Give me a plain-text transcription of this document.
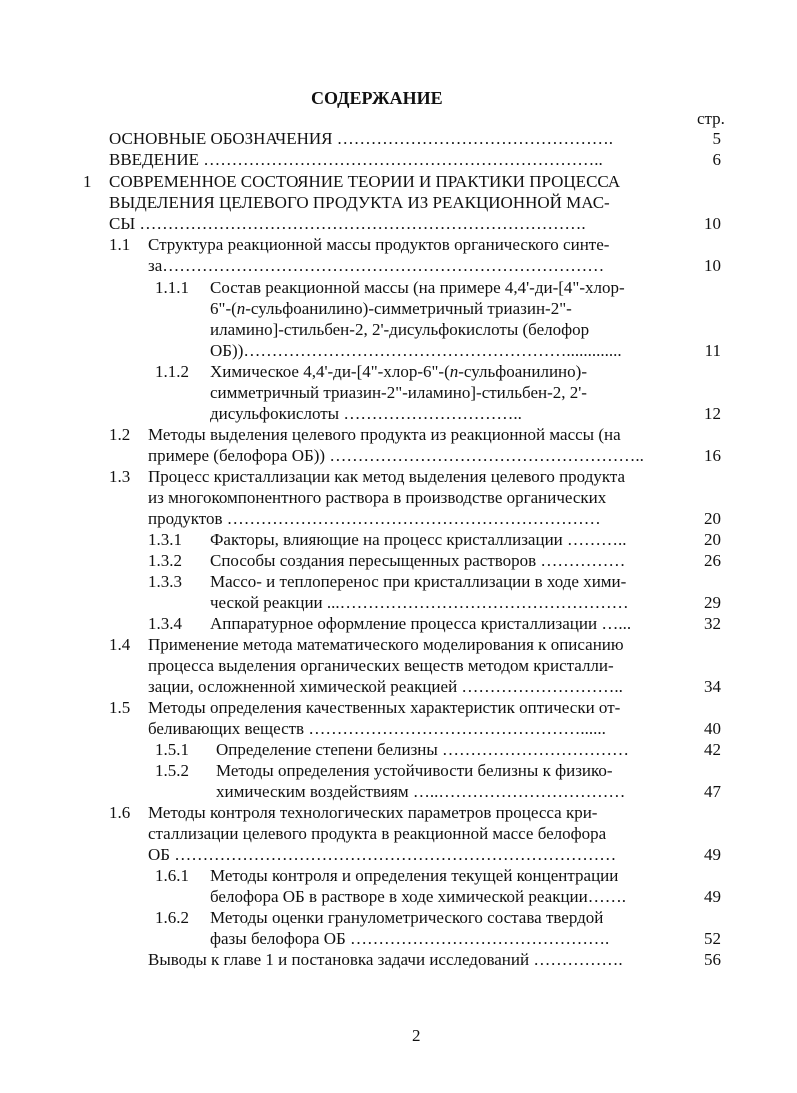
СОДЕРЖАНИЕ
стр.
ОСНОВНЫЕ ОБОЗНАЧЕНИЯ ………………………………………….	5
ВВЕДЕНИЕ ……………………………………………………………..	6
1 СОВРЕМЕННОЕ СОСТОЯНИЕ ТЕОРИИ И ПРАКТИКИ ПРОЦЕССА
ВЫДЕЛЕНИЯ ЦЕЛЕВОГО ПРОДУКТА ИЗ РЕАКЦИОННОЙ МАС-
СЫ …………………………………………………………………….	10
1.1 Структура реакционной массы продуктов органического синте-
за……………………………………………………………………	10
1.1.1 Состав реакционной массы (на примере 4,4'-ди-[4"-хлор-
6"-(n-сульфоанилино)-симметричный триазин-2"-
иламино]-стильбен-2, 2'-дисульфокислоты (белофор
ОБ))………………………………………………….............	11
1.1.2 Химическое 4,4'-ди-[4"-хлор-6"-(n-сульфоанилино)-
симметричный триазин-2"-иламино]-стильбен-2, 2'-
дисульфокислоты …………………………..	12
1.2 Методы выделения целевого продукта из реакционной массы (на
примере (белофора ОБ)) ………………………………………………..	16
1.3 Процесс кристаллизации как метод выделения целевого продукта
из многокомпонентного раствора в производстве органических
продуктов …………………………………………………………	20
1.3.1 Факторы, влияющие на процесс кристаллизации ………..	20
1.3.2 Способы создания пересыщенных растворов ……………	26
1.3.3 Массо- и теплоперенос при кристаллизации в ходе хими-
ческой реакции ...……………………………………………	29
1.3.4 Аппаратурное оформление процесса кристаллизации …...	32
1.4 Применение метода математического моделирования к описанию
процесса выделения органических веществ методом кристалли-
зации, осложненной химической реакцией ………………………..	34
1.5 Методы определения качественных характеристик оптически от-
беливающих веществ …………………………………………......	40
1.5.1 Определение степени белизны ……………………………	42
1.5.2 Методы определения устойчивости белизны к физико-
химическим воздействиям …..……………………………	47
1.6 Методы контроля технологических параметров процесса кри-
сталлизации целевого продукта в реакционной массе белофора
ОБ ……………………………………………………………………	49
1.6.1 Методы контроля и определения текущей концентрации
белофора ОБ в растворе в ходе химической реакции…….	49
1.6.2 Методы оценки гранулометрического состава твердой
фазы белофора ОБ ……………………………………….	52
Выводы к главе 1 и постановка задачи исследований …………….	56
2
